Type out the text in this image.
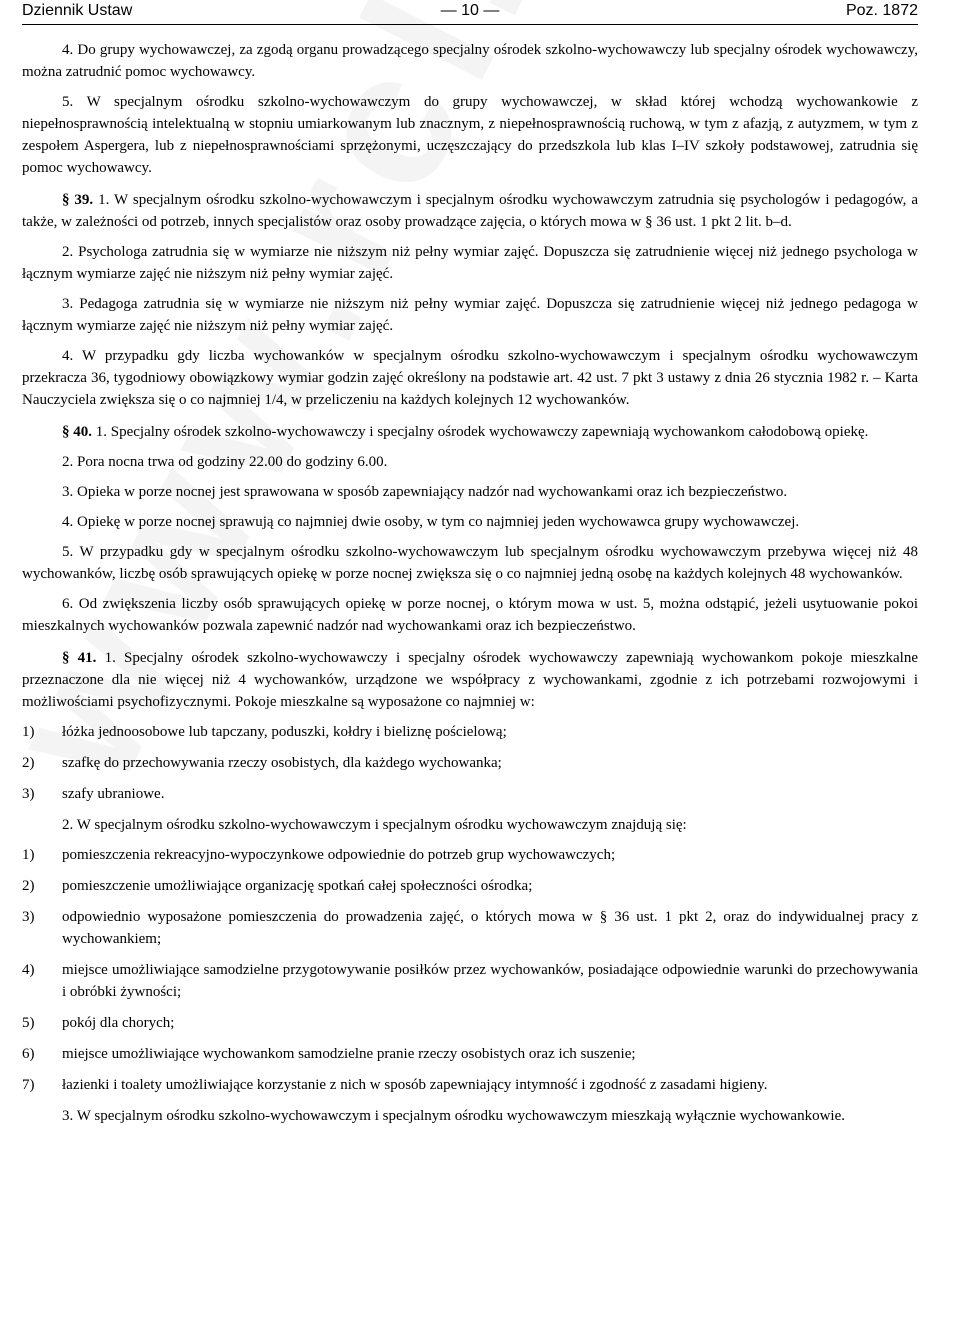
Dziennik Ustaw	— 10 —	Poz. 1872

4. Do grupy wychowawczej, za zgodą organu prowadzącego specjalny ośrodek szkolno-wychowawczy lub specjalny ośrodek wychowawczy, można zatrudnić pomoc wychowawcy.

5. W specjalnym ośrodku szkolno-wychowawczym do grupy wychowawczej, w skład której wchodzą wychowankowie z niepełnosprawnością intelektualną w stopniu umiarkowanym lub znacznym, z niepełnosprawnością ruchową, w tym z afazją, z autyzmem, w tym z zespołem Aspergera, lub z niepełnosprawnościami sprzężonymi, uczęszczający do przedszkola lub klas I–IV szkoły podstawowej, zatrudnia się pomoc wychowawcy.

§ 39. 1. W specjalnym ośrodku szkolno-wychowawczym i specjalnym ośrodku wychowawczym zatrudnia się psychologów i pedagogów, a także, w zależności od potrzeb, innych specjalistów oraz osoby prowadzące zajęcia, o których mowa w § 36 ust. 1 pkt 2 lit. b–d.

2. Psychologa zatrudnia się w wymiarze nie niższym niż pełny wymiar zajęć. Dopuszcza się zatrudnienie więcej niż jednego psychologa w łącznym wymiarze zajęć nie niższym niż pełny wymiar zajęć.

3. Pedagoga zatrudnia się w wymiarze nie niższym niż pełny wymiar zajęć. Dopuszcza się zatrudnienie więcej niż jednego pedagoga w łącznym wymiarze zajęć nie niższym niż pełny wymiar zajęć.

4. W przypadku gdy liczba wychowanków w specjalnym ośrodku szkolno-wychowawczym i specjalnym ośrodku wychowawczym przekracza 36, tygodniowy obowiązkowy wymiar godzin zajęć określony na podstawie art. 42 ust. 7 pkt 3 ustawy z dnia 26 stycznia 1982 r. – Karta Nauczyciela zwiększa się o co najmniej 1/4, w przeliczeniu na każdych kolejnych 12 wychowanków.

§ 40. 1. Specjalny ośrodek szkolno-wychowawczy i specjalny ośrodek wychowawczy zapewniają wychowankom całodobową opiekę.

2. Pora nocna trwa od godziny 22.00 do godziny 6.00.

3. Opieka w porze nocnej jest sprawowana w sposób zapewniający nadzór nad wychowankami oraz ich bezpieczeństwo.

4. Opiekę w porze nocnej sprawują co najmniej dwie osoby, w tym co najmniej jeden wychowawca grupy wychowawczej.

5. W przypadku gdy w specjalnym ośrodku szkolno-wychowawczym lub specjalnym ośrodku wychowawczym przebywa więcej niż 48 wychowanków, liczbę osób sprawujących opiekę w porze nocnej zwiększa się o co najmniej jedną osobę na każdych kolejnych 48 wychowanków.

6. Od zwiększenia liczby osób sprawujących opiekę w porze nocnej, o którym mowa w ust. 5, można odstąpić, jeżeli usytuowanie pokoi mieszkalnych wychowanków pozwala zapewnić nadzór nad wychowankami oraz ich bezpieczeństwo.

§ 41. 1. Specjalny ośrodek szkolno-wychowawczy i specjalny ośrodek wychowawczy zapewniają wychowankom pokoje mieszkalne przeznaczone dla nie więcej niż 4 wychowanków, urządzone we współpracy z wychowankami, zgodnie z ich potrzebami rozwojowymi i możliwościami psychofizycznymi. Pokoje mieszkalne są wyposażone co najmniej w:

1) łóżka jednoosobowe lub tapczany, poduszki, kołdry i bieliznę pościelową;
2) szafkę do przechowywania rzeczy osobistych, dla każdego wychowanka;
3) szafy ubraniowe.

2. W specjalnym ośrodku szkolno-wychowawczym i specjalnym ośrodku wychowawczym znajdują się:

1) pomieszczenia rekreacyjno-wypoczynkowe odpowiednie do potrzeb grup wychowawczych;
2) pomieszczenie umożliwiające organizację spotkań całej społeczności ośrodka;
3) odpowiednio wyposażone pomieszczenia do prowadzenia zajęć, o których mowa w § 36 ust. 1 pkt 2, oraz do indywidualnej pracy z wychowankiem;
4) miejsce umożliwiające samodzielne przygotowywanie posiłków przez wychowanków, posiadające odpowiednie warunki do przechowywania i obróbki żywności;
5) pokój dla chorych;
6) miejsce umożliwiające wychowankom samodzielne pranie rzeczy osobistych oraz ich suszenie;
7) łazienki i toalety umożliwiające korzystanie z nich w sposób zapewniający intymność i zgodność z zasadami higieny.

3. W specjalnym ośrodku szkolno-wychowawczym i specjalnym ośrodku wychowawczym mieszkają wyłącznie wychowankowie.
